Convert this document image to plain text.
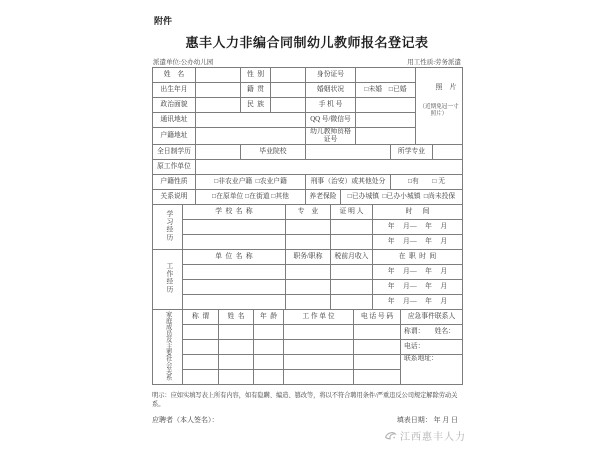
附件
惠丰人力非编合同制幼儿教师报名登记表
派遣单位:公办幼儿园	用工性质:劳务派遣
姓    名		性  别		身份证号		照    片

（近期免冠一寸照片）

出生年月		籍  贯		婚姻状况	□未婚    □已婚	
政治面貌		民  族		手 机 号		
通讯地址				QQ 号/微信号		
户籍地址				幼儿教师资格证号		
全日制学历		毕业院校			所学专业	
原工作单位						
户籍性质	□非农业户籍  □农业户籍		刑事（治安）或其他处分		□有        □ 无	
关系说明	□在原单位 □在街道 □其他		养老保险	□已办城镇  □已办小城镇  □尚未投保		
学习经历	学  校  名  称	专    业	证 明 人	时      间
				年     月—     年     月
				年     月—     年     月
工作经历	单  位  名  称	职务/职称	税前月收入	在  职  时  间
				年     月—     年     月
				年     月—     年     月
				年     月—     年     月
家庭成员及主要社会关系	称  谓	姓  名	年  龄	工 作 单 位	电 话 号 码	应急事件联系人
						称谓：      姓名：
						电话：
						联系地址：

明示：应如实填写表上所有内容，如有隐瞒、编造、篡改等，将以不符合聘用条件/严重违反公司规定解除劳动关系。
应聘者（本人签名）：	填表日期： 年 月 日
江西惠丰人力
